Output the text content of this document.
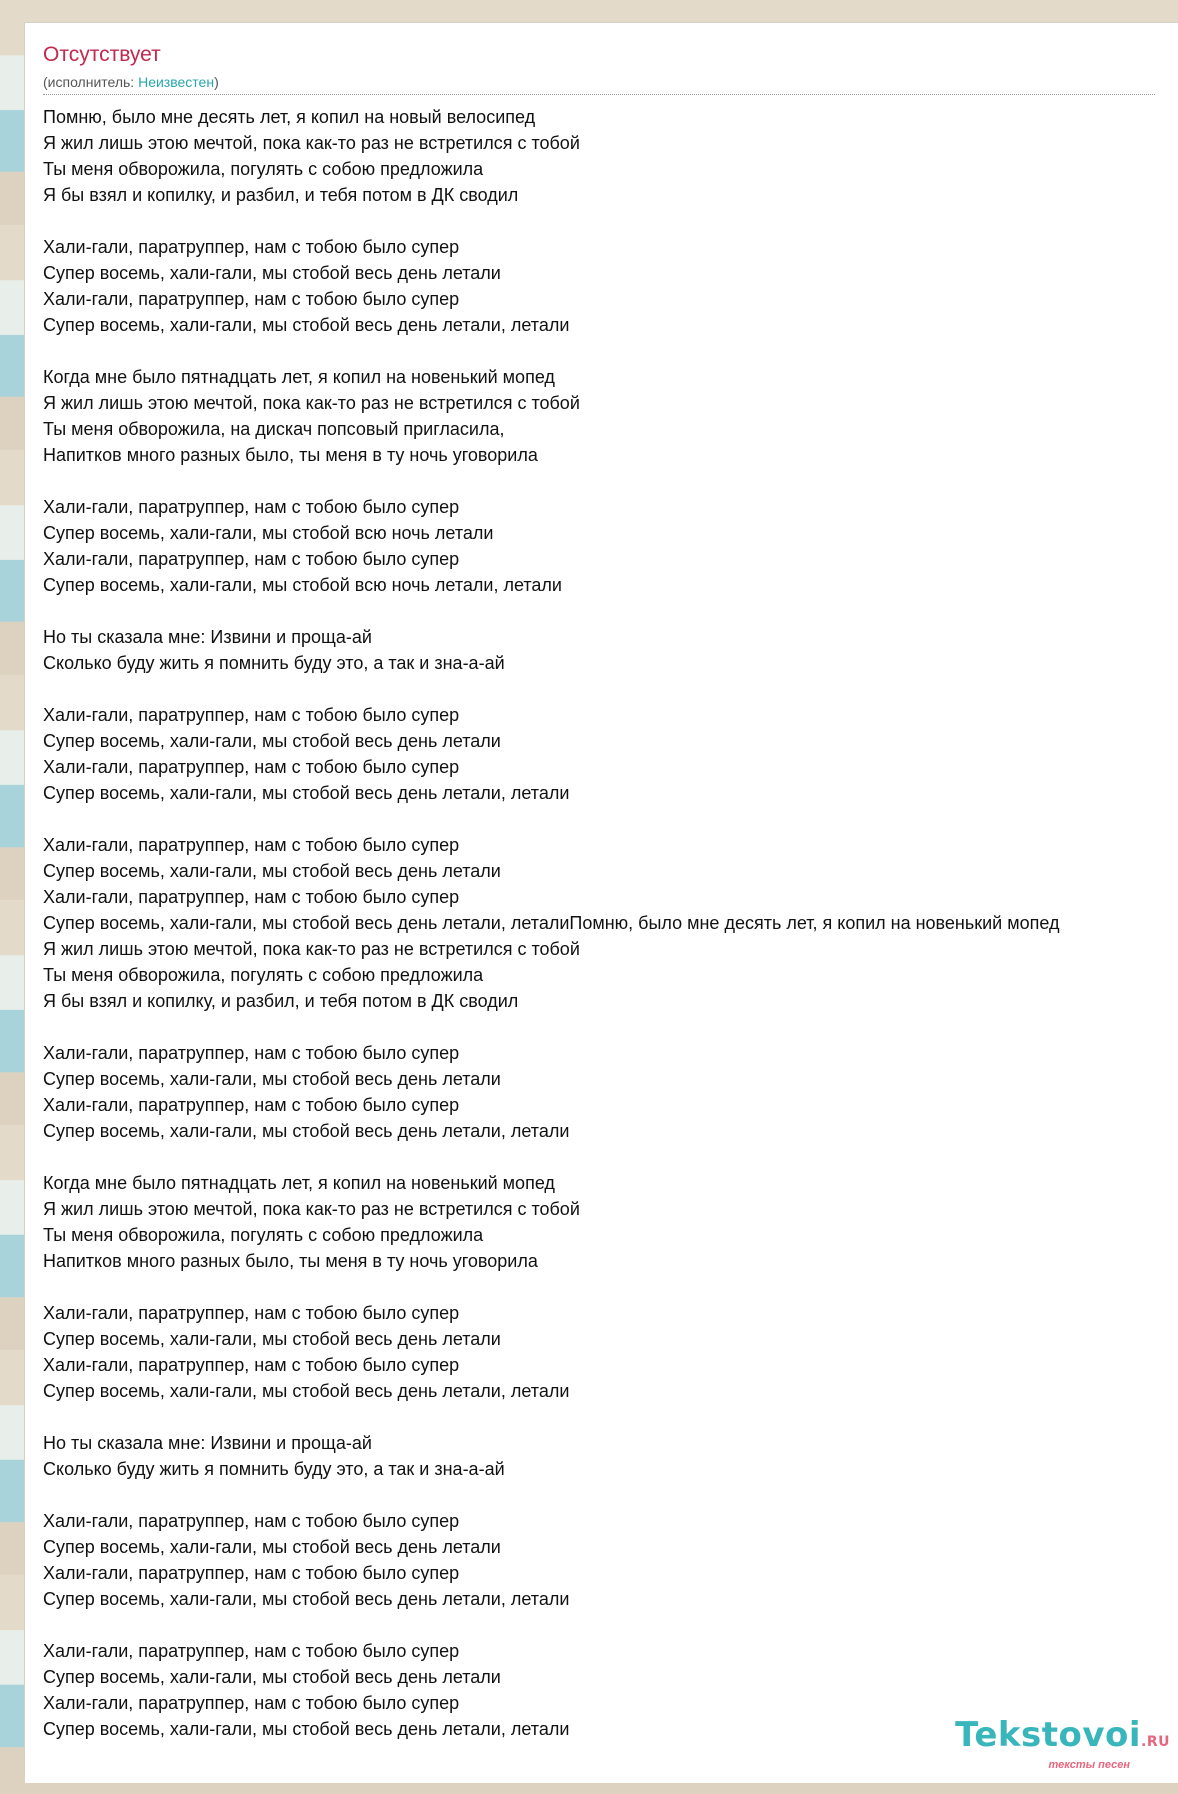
Отсутствует
(исполнитель: Неизвестен)
Помню, было мне десять лет, я копил на новый велосипед
Я жил лишь этою мечтой, пока как-то раз не встретился с тобой
Ты меня обворожила, погулять с собою предложила
Я бы взял и копилку, и разбил, и тебя потом в ДК сводил
Хали-гали, паратруппер, нам с тобою было супер
Супер восемь, хали-гали, мы стобой весь день летали
Хали-гали, паратруппер, нам с тобою было супер
Супер восемь, хали-гали, мы стобой весь день летали, летали
Когда мне было пятнадцать лет, я копил на новенький мопед
Я жил лишь этою мечтой, пока как-то раз не встретился с тобой
Ты меня обворожила, на дискач попсовый пригласила,
Напитков много разных было, ты меня в ту ночь уговорила
Хали-гали, паратруппер, нам с тобою было супер
Супер восемь, хали-гали, мы стобой всю ночь летали
Хали-гали, паратруппер, нам с тобою было супер
Супер восемь, хали-гали, мы стобой всю ночь летали, летали
Но ты сказала мне: Извини и проща-ай
Сколько буду жить я помнить буду это, а так и зна-а-ай
Хали-гали, паратруппер, нам с тобою было супер
Супер восемь, хали-гали, мы стобой весь день летали
Хали-гали, паратруппер, нам с тобою было супер
Супер восемь, хали-гали, мы стобой весь день летали, летали
Хали-гали, паратруппер, нам с тобою было супер
Супер восемь, хали-гали, мы стобой весь день летали
Хали-гали, паратруппер, нам с тобою было супер
Супер восемь, хали-гали, мы стобой весь день летали, леталиПомню, было мне десять лет, я копил на новенький мопед
Я жил лишь этою мечтой, пока как-то раз не встретился с тобой
Ты меня обворожила, погулять с собою предложила
Я бы взял и копилку, и разбил, и тебя потом в ДК сводил
Хали-гали, паратруппер, нам с тобою было супер
Супер восемь, хали-гали, мы стобой весь день летали
Хали-гали, паратруппер, нам с тобою было супер
Супер восемь, хали-гали, мы стобой весь день летали, летали
Когда мне было пятнадцать лет, я копил на новенький мопед
Я жил лишь этою мечтой, пока как-то раз не встретился с тобой
Ты меня обворожила, погулять с собою предложила
Напитков много разных было, ты меня в ту ночь уговорила
Хали-гали, паратруппер, нам с тобою было супер
Супер восемь, хали-гали, мы стобой весь день летали
Хали-гали, паратруппер, нам с тобою было супер
Супер восемь, хали-гали, мы стобой весь день летали, летали
Но ты сказала мне: Извини и проща-ай
Сколько буду жить я помнить буду это, а так и зна-а-ай
Хали-гали, паратруппер, нам с тобою было супер
Супер восемь, хали-гали, мы стобой весь день летали
Хали-гали, паратруппер, нам с тобою было супер
Супер восемь, хали-гали, мы стобой весь день летали, летали
Хали-гали, паратруппер, нам с тобою было супер
Супер восемь, хали-гали, мы стобой весь день летали
Хали-гали, паратруппер, нам с тобою было супер
Супер восемь, хали-гали, мы стобой весь день летали, летали	Tekstovoi.RU
тексты песен
